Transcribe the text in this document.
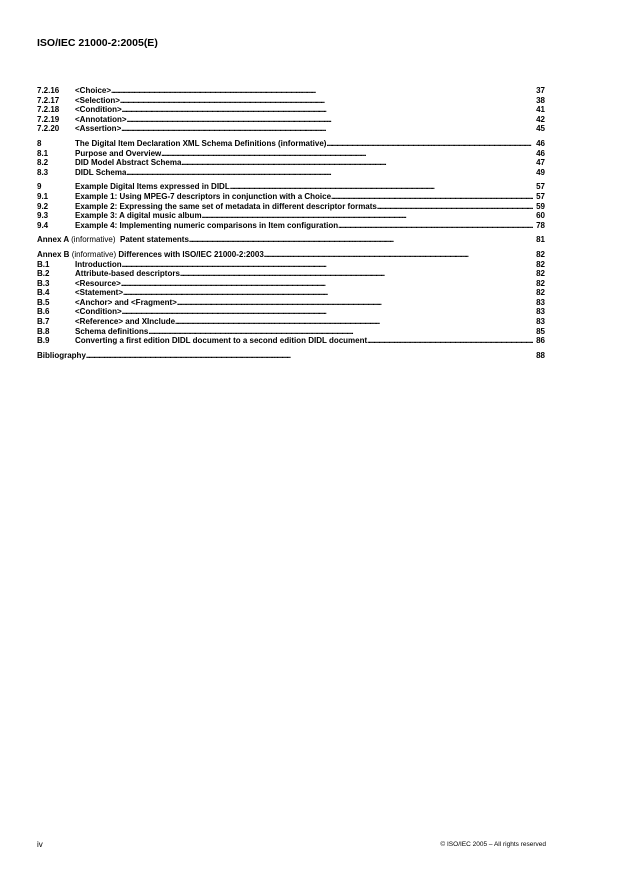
ISO/IEC 21000-2:2005(E)
7.2.16	<Choice> . . .	37
7.2.17	<Selection> . . .	38
7.2.18	<Condition> . . .	41
7.2.19	<Annotation> . . .	42
7.2.20	<Assertion> . . .	45
8	The Digital Item Declaration XML Schema Definitions (informative) . . .	46
8.1	Purpose and Overview . . .	46
8.2	DID Model Abstract Schema . . .	47
8.3	DIDL Schema . . .	49
9	Example Digital Items expressed in DIDL . . .	57
9.1	Example 1: Using MPEG-7 descriptors in conjunction with a Choice . . .	57
9.2	Example 2: Expressing the same set of metadata in different descriptor formats . . .	59
9.3	Example 3: A digital music album . . .	60
9.4	Example 4: Implementing numeric comparisons in Item configuration . . .	78
Annex A (informative) Patent statements . . .	81
Annex B (informative) Differences with ISO/IEC 21000-2:2003 . . .	82
B.1	Introduction . . .	82
B.2	Attribute-based descriptors . . .	82
B.3	<Resource> . . .	82
B.4	<Statement> . . .	82
B.5	<Anchor> and <Fragment> . . .	83
B.6	<Condition> . . .	83
B.7	<Reference> and XInclude . . .	83
B.8	Schema definitions . . .	85
B.9	Converting a first edition DIDL document to a second edition DIDL document . . .	86
Bibliography . . .	88
iv	© ISO/IEC 2005 – All rights reserved
